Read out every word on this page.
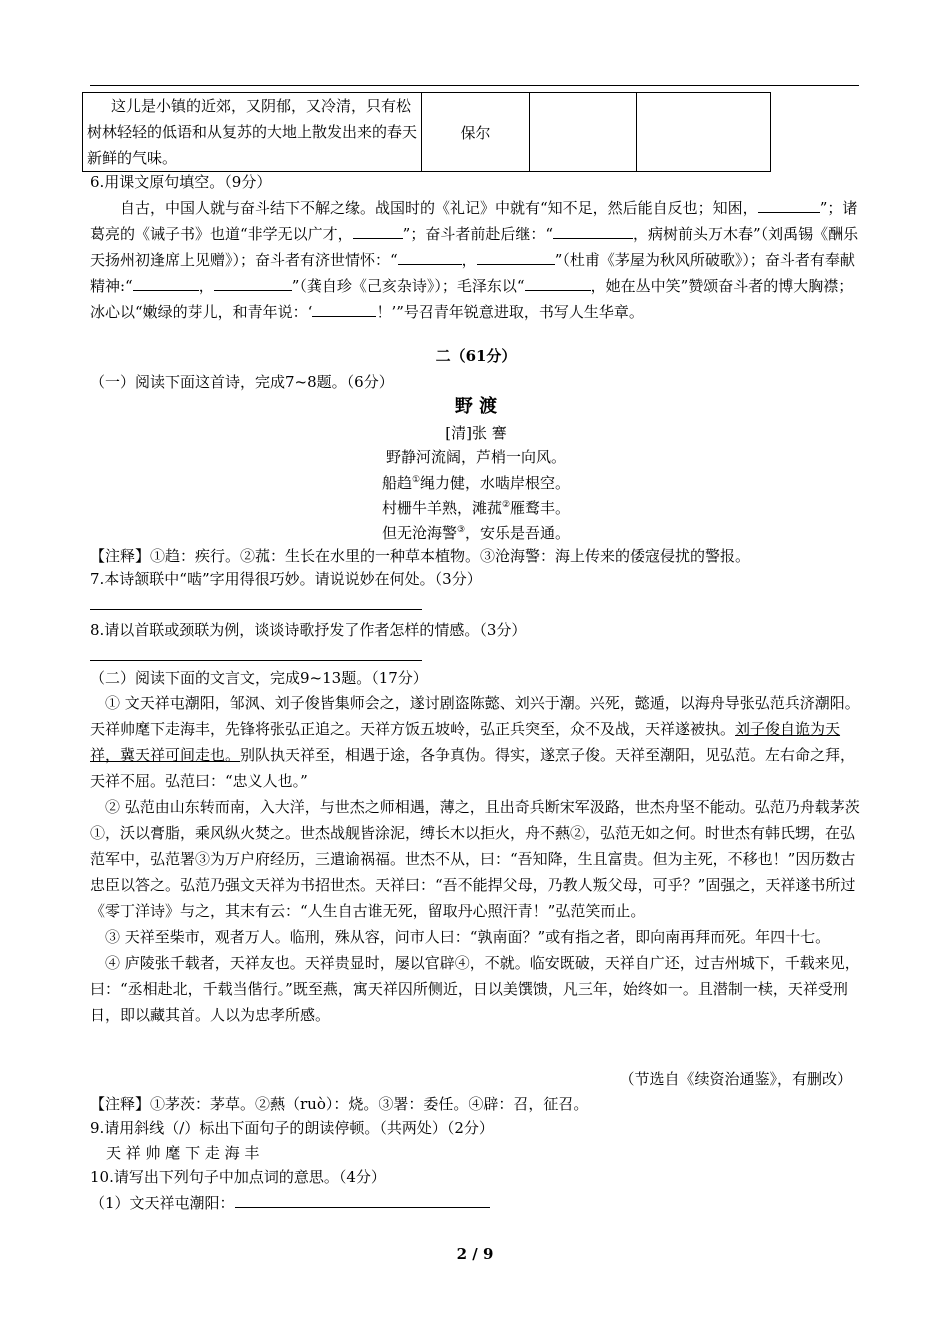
这儿是小镇的近郊，又阴郁，又冷清，只有松树林轻轻的低语和从复苏的大地上散发出来的春天新鲜的气味。	保尔		

6.用课文原句填空。（9分）

自古，中国人就与奋斗结下不解之缘。战国时的《礼记》中就有“知不足，然后能自反也；知困，	”；诸葛亮的《诫子书》也道“非学无以广才，	”；奋斗者前赴后继：“	，病树前头万木春”（刘禹锡《酬乐天扬州初逢席上见赠》）；奋斗者有济世情怀：“	，	”（杜甫《茅屋为秋风所破歌》）；奋斗者有奉献精神:“	，	”（龚自珍《己亥杂诗》）；毛泽东以“	，她在丛中笑”赞颂奋斗者的博大胸襟；冰心以“嫩绿的芽儿，和青年说：‘	！’”号召青年锐意进取，书写人生华章。

二（61分）
（一）阅读下面这首诗，完成7~8题。（6分）
野 渡
[清]张 謇
野静河流阔，芦梢一向风。
船趋①绳力健，水啮岸根空。
村栅牛羊熟，滩菰②雁鹜丰。
但无沧海警③，安乐是吾通。
【注释】①趋：疾行。②菰：生长在水里的一种草本植物。③沧海警：海上传来的倭寇侵扰的警报。
7.本诗颔联中“啮”字用得很巧妙。请说说妙在何处。（3分）
8.请以首联或颈联为例，谈谈诗歌抒发了作者怎样的情感。（3分）
（二）阅读下面的文言文，完成9~13题。（17分）

① 文天祥屯潮阳，邹沨、刘子俊皆集师会之，遂讨剧盗陈懿、刘兴于潮。兴死，懿遁，以海舟导张弘范兵济潮阳。天祥帅麾下走海丰，先锋将张弘正追之。天祥方饭五坡岭，弘正兵突至，众不及战，天祥遂被执。刘子俊自诡为天祥，冀天祥可间走也。别队执天祥至，相遇于途，各争真伪。得实，遂烹子俊。天祥至潮阳，见弘范。左右命之拜，天祥不屈。弘范曰：“忠义人也。”

② 弘范由山东转而南，入大洋，与世杰之师相遇，薄之，且出奇兵断宋军汲路，世杰舟坚不能动。弘范乃舟载茅茨①，沃以膏脂，乘风纵火焚之。世杰战舰皆涂泥，缚长木以拒火，舟不爇②，弘范无如之何。时世杰有韩氏甥，在弘范军中，弘范署③为万户府经历，三遣谕祸福。世杰不从，曰：“吾知降，生且富贵。但为主死，不移也！”因历数古忠臣以答之。弘范乃强文天祥为书招世杰。天祥曰：“吾不能捍父母，乃教人叛父母，可乎？”固强之，天祥遂书所过《零丁洋诗》与之，其末有云：“人生自古谁无死，留取丹心照汗青！”弘范笑而止。

③ 天祥至柴市，观者万人。临刑，殊从容，问市人曰：“孰南面？”或有指之者，即向南再拜而死。年四十七。

④ 庐陵张千载者，天祥友也。天祥贵显时，屡以官辟④，不就。临安既破，天祥自广还，过吉州城下，千载来见，曰：“丞相赴北，千载当偕行。”既至燕，寓天祥囚所侧近，日以美馔馈，凡三年，始终如一。且潜制一椟，天祥受刑日，即以藏其首。人以为忠孝所感。

（节选自《续资治通鉴》，有删改）
【注释】①茅茨：茅草。②爇（ruò）：烧。③署：委任。④辟：召，征召。
9.请用斜线（/）标出下面句子的朗读停顿。（共两处）（2分）
天 祥 帅 麾 下 走 海 丰
10.请写出下列句子中加点词的意思。（4分）
（1）文天祥屯潮阳：
2 / 9
